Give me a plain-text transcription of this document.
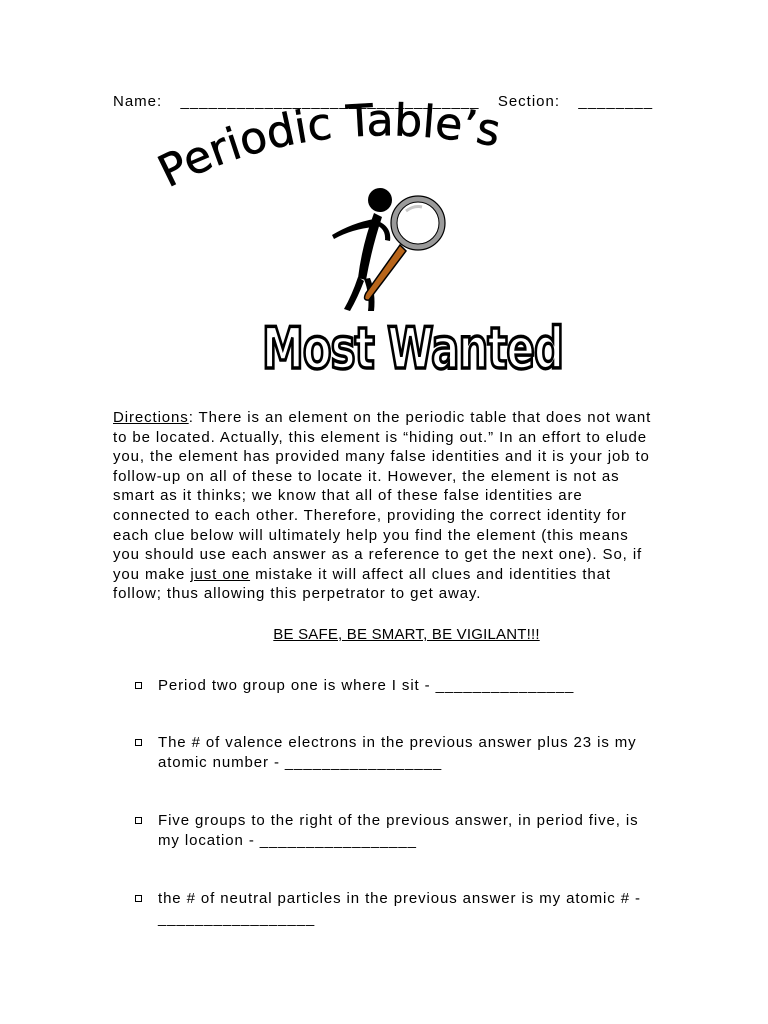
Name: ________________________________ Section: ________
Periodic Table’s
Most Wanted

Directions: There is an element on the periodic table that does not want to be located. Actually, this element is “hiding out.” In an effort to elude you, the element has provided many false identities and it is your job to follow-up on all of these to locate it. However, the element is not as smart as it thinks; we know that all of these false identities are connected to each other. Therefore, providing the correct identity for each clue below will ultimately help you find the element (this means you should use each answer as a reference to get the next one). So, if you make just one mistake it will affect all clues and identities that follow; thus allowing this perpetrator to get away.

BE SAFE, BE SMART, BE VIGILANT!!!
Period two group one is where I sit - _______________
The # of valence electrons in the previous answer plus 23 is my atomic number - _________________
Five groups to the right of the previous answer, in period five, is my location - _________________
the # of neutral particles in the previous answer is my atomic # - _________________
